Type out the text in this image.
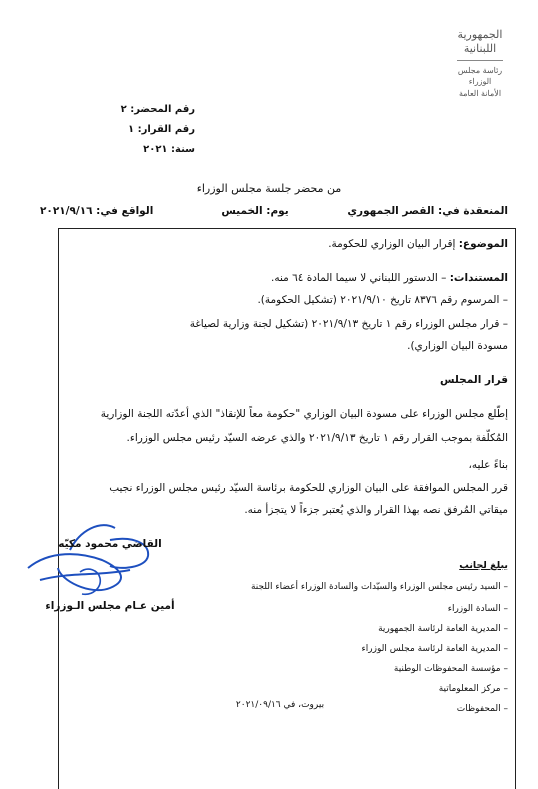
الجمهورية
اللبنانية
رئاسة مجلس الوزراء
الأمانة العامة
رقم المحضر: ٢
رقم القرار: ١
سنة: ٢٠٢١
من محضر جلسة مجلس الوزراء
المنعقدة في: القصر الجمهوري
يوم: الخميس
الواقع في: ٢٠٢١/٩/١٦
الموضوع: إقرار البيان الوزاري للحكومة.
المستندات: – الدستور اللبناني لا سيما المادة ٦٤ منه.
– المرسوم رقم ٨٣٧٦ تاريخ ٢٠٢١/٩/١٠ (تشكيل الحكومة).
– قرار مجلس الوزراء رقم ١ تاريخ ٢٠٢١/٩/١٣ (تشكيل لجنة وزارية لصياغة
مسودة البيان الوزاري).
قرار المجلس
إطّلع مجلس الوزراء على مسودة البيان الوزاري "حكومة معاً للإنقاذ" الذي أعدّته اللجنة الوزارية
المُكلّفة بموجب القرار رقم ١ تاريخ ٢٠٢١/٩/١٣ والذي عرضه السيّد رئيس مجلس الوزراء.
بناءً عليه،
قرر المجلس الموافقة على البيان الوزاري للحكومة برئاسة السيّد رئيس مجلس الوزراء نجيب
ميقاتي المُرفق نصه بهذا القرار والذي يُعتبر جزءاً لا يتجزأ منه.
القاضي محمود مكيّه
أمين عـام مجلس الـوزراء
يبلغ لجانب
– السيد رئيس مجلس الوزراء والسيّدات والسادة الوزراء أعضاء اللجنة
– السادة الوزراء
– المديرية العامة لرئاسة الجمهورية
– المديرية العامة لرئاسة مجلس الوزراء
– مؤسسة المحفوظات الوطنية
– مركز المعلوماتية
– المحفوظات
بيروت، في ٢٠٢١/٠٩/١٦
